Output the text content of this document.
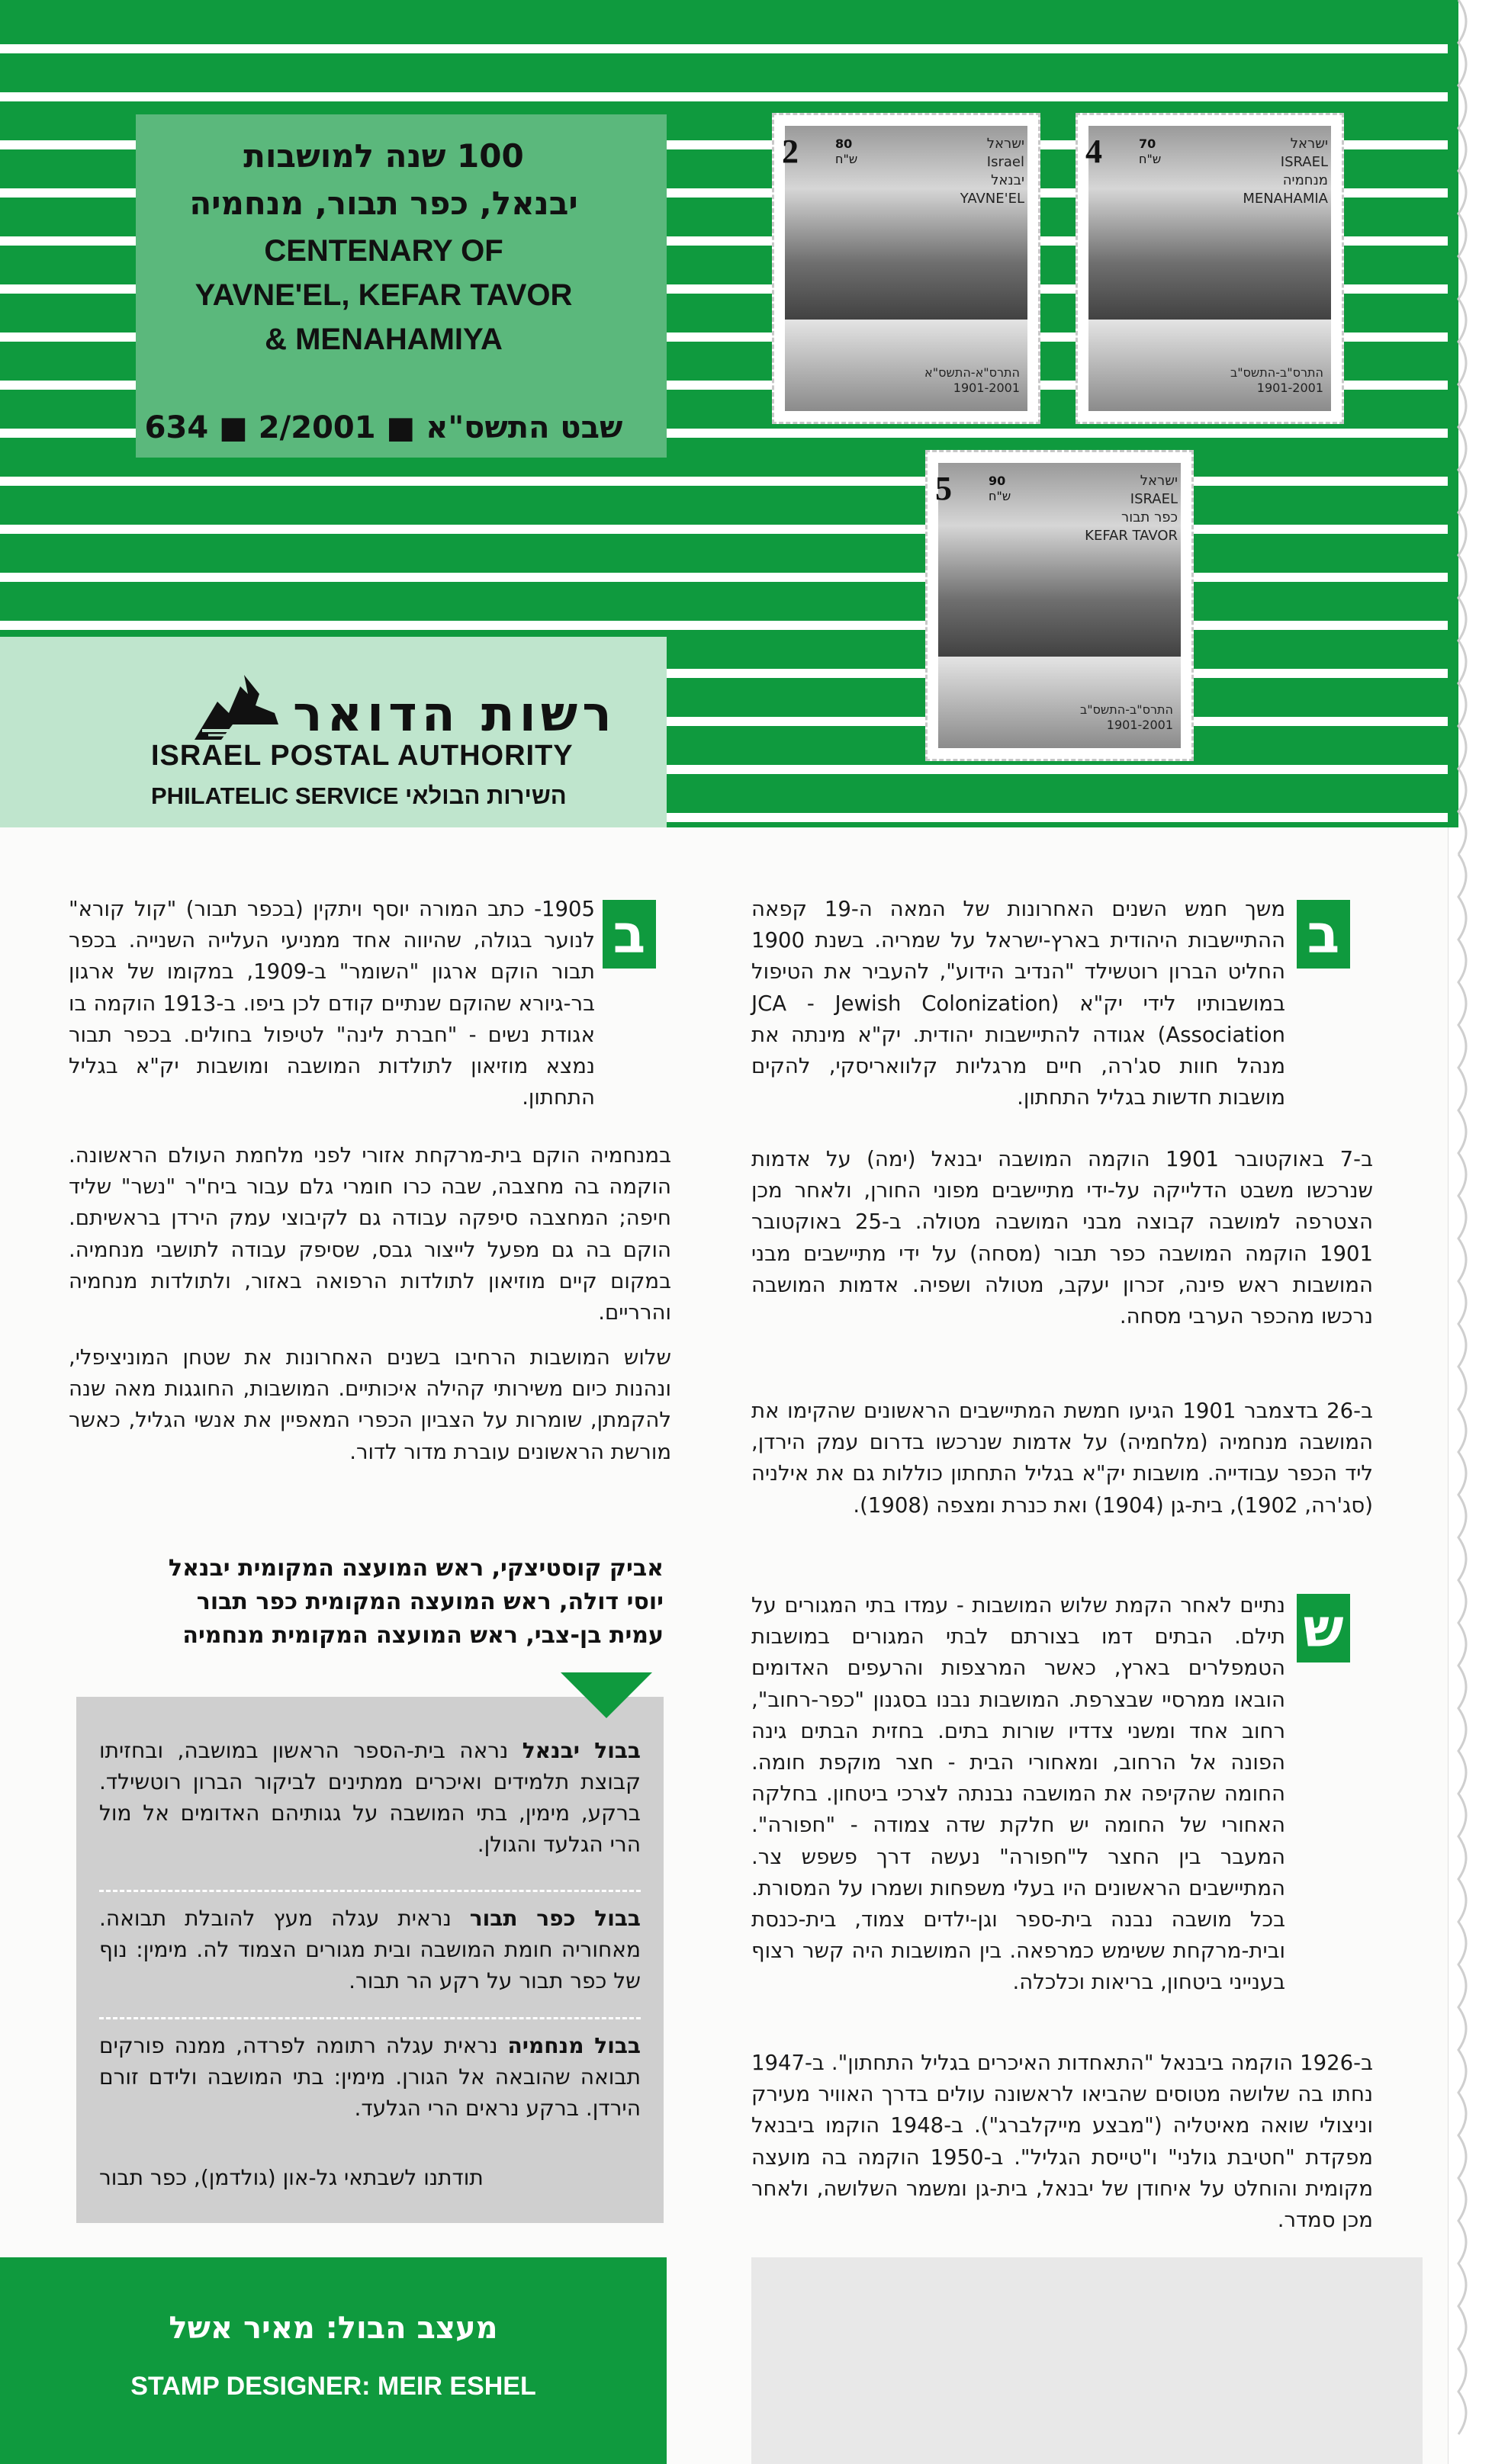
100 שנה למושבות
יבנאל, כפר תבור, מנחמיה
CENTENARY OF
YAVNE'EL, KEFAR TAVOR
& MENAHAMIYA
634 ■ 2/2001 ■ שבט התשס"א
2	80
ש"ח
ישראל
Israel
יבנאל
YAVNE'EL
התרס"א-התשס"א
1901-2001
4	70
ש"ח
ישראל
ISRAEL
מנחמיה
MENAHAMIA
התרס"ב-התשס"ב
1901-2001
5	90
ש"ח
ישראל
ISRAEL
כפר תבור
KEFAR TAVOR
התרס"ב-התשס"ב
1901-2001
רשות הדואר
ISRAEL POSTAL AUTHORITY
PHILATELIC SERVICE השירות הבולאי
ב
משך חמש השנים האחרונות של המאה ה-19 קפאה ההתיישבות היהודית בארץ-ישראל על שמריה. בשנת 1900 החליט הברון רוטשילד "הנדיב הידוע", להעביר את הטיפול במושבותיו לידי יק"א (JCA - Jewish Colonization Association) אגודה להתיישבות יהודית. יק"א מינתה את מנהל חוות סג'רה, חיים מרגליות קלוואריסקי, להקים מושבות חדשות בגליל התחתון.
ב-7 באוקטובר 1901 הוקמה המושבה יבנאל (ימה) על אדמות שנרכשו משבט הדלייקה על-ידי מתיישבים מפוני החורן, ולאחר מכן הצטרפה למושבה קבוצה מבני המושבה מטולה. ב-25 באוקטובר 1901 הוקמה המושבה כפר תבור (מסחה) על ידי מתיישבים מבני המושבות ראש פינה, זכרון יעקב, מטולה ושפיה. אדמות המושבה נרכשו מהכפר הערבי מסחה.
ב-26 בדצמבר 1901 הגיעו חמשת המתיישבים הראשונים שהקימו את המושבה מנחמיה (מלחמיה) על אדמות שנרכשו בדרום עמק הירדן, ליד הכפר עבודייה. מושבות יק"א בגליל התחתון כוללות גם את אילניה (סג'רה, 1902), בית-גן (1904) ואת כנרת ומצפה (1908).
ש
נתיים לאחר הקמת שלוש המושבות - עמדו בתי המגורים על תילם. הבתים דמו בצורתם לבתי המגורים במושבות הטמפלרים בארץ, כאשר המרצפות והרעפים האדומים הובאו ממרסיי שבצרפת. המושבות נבנו בסגנון "כפר-רחוב", רחוב אחד ומשני צדדיו שורות בתים. בחזית הבתים גינה הפונה אל הרחוב, ומאחורי הבית - חצר מוקפת חומה. החומה שהקיפה את המושבה נבנתה לצרכי ביטחון. בחלקה האחורי של החומה יש חלקת שדה צמודה - "חפורה". המעבר בין החצר ל"חפורה" נעשה דרך פשפש צר. המתיישבים הראשונים היו בעלי משפחות ושמרו על המסורת. בכל מושבה נבנה בית-ספר וגן-ילדים צמוד, בית-כנסת ובית-מרקחת ששימש כמרפאה. בין המושבות היה קשר רצוף בענייני ביטחון, בריאות וכלכלה.
ב-1926 הוקמה ביבנאל "התאחדות האיכרים בגליל התחתון". ב-1947 נחתו בה שלושה מטוסים שהביאו לראשונה עולים בדרך האוויר מעירק וניצולי שואה מאיטליה ("מבצע מייקלברג"). ב-1948 הוקמו ביבנאל מפקדת "חטיבת גולני" ו"טייסת הגליל". ב-1950 הוקמה בה מועצה מקומית והוחלט על איחודן של יבנאל, בית-גן ומשמר השלושה, ולאחר מכן סמדר.
ב
1905- כתב המורה יוסף ויתקין (בכפר תבור) "קול קורא" לנוער בגולה, שהיווה אחד ממניעי העלייה השנייה. בכפר תבור הוקם ארגון "השומר" ב-1909, במקומו של ארגון בר-גיורא שהוקם שנתיים קודם לכן ביפו. ב-1913 הוקמה בו אגודת נשים - "חברת לינה" לטיפול בחולים. בכפר תבור נמצא מוזיאון לתולדות המושבה ומושבות יק"א בגליל התחתון.
במנחמיה הוקם בית-מרקחת אזורי לפני מלחמת העולם הראשונה. הוקמה בה מחצבה, שבה כרו חומרי גלם עבור ביח"ר "נשר" שליד חיפה; המחצבה סיפקה עבודה גם לקיבוצי עמק הירדן בראשיתם. הוקם בה גם מפעל לייצור גבס, שסיפק עבודה לתושבי מנחמיה. במקום קיים מוזיאון לתולדות הרפואה באזור, ולתולדות מנחמיה והרריים.
שלוש המושבות הרחיבו בשנים האחרונות את שטחן המוניציפלי, ונהנות כיום משירותי קהילה איכותיים. המושבות, החוגגות מאה שנה להקמתן, שומרות על הצביון הכפרי המאפיין את אנשי הגליל, כאשר מורשת הראשונים עוברת מדור לדור.
אביק קוסטיצקי, ראש המועצה המקומית יבנאל
יוסי דולה, ראש המועצה המקומית כפר תבור
עמית בן-צבי, ראש המועצה המקומית מנחמיה
בבול יבנאל נראה בית-הספר הראשון במושבה, ובחזיתו קבוצת תלמידים ואיכרים ממתינים לביקור הברון רוטשילד. ברקע, מימין, בתי המושבה על גגותיהם האדומים אל מול הרי הגלעד והגולן.
בבול כפר תבור נראית עגלה מעץ להובלת תבואה. מאחוריה חומת המושבה ובית מגורים הצמוד לה. מימין: נוף של כפר תבור על רקע הר תבור.
בבול מנחמיה נראית עגלה רתומה לפרדה, ממנה פורקים תבואה שהובאה אל הגורן. מימין: בתי המושבה ולידם זורם הירדן. ברקע נראים הרי הגלעד.
תודתנו לשבתאי גל-און (גולדמן), כפר תבור
מעצב הבול: מאיר אשל
STAMP DESIGNER: MEIR ESHEL
